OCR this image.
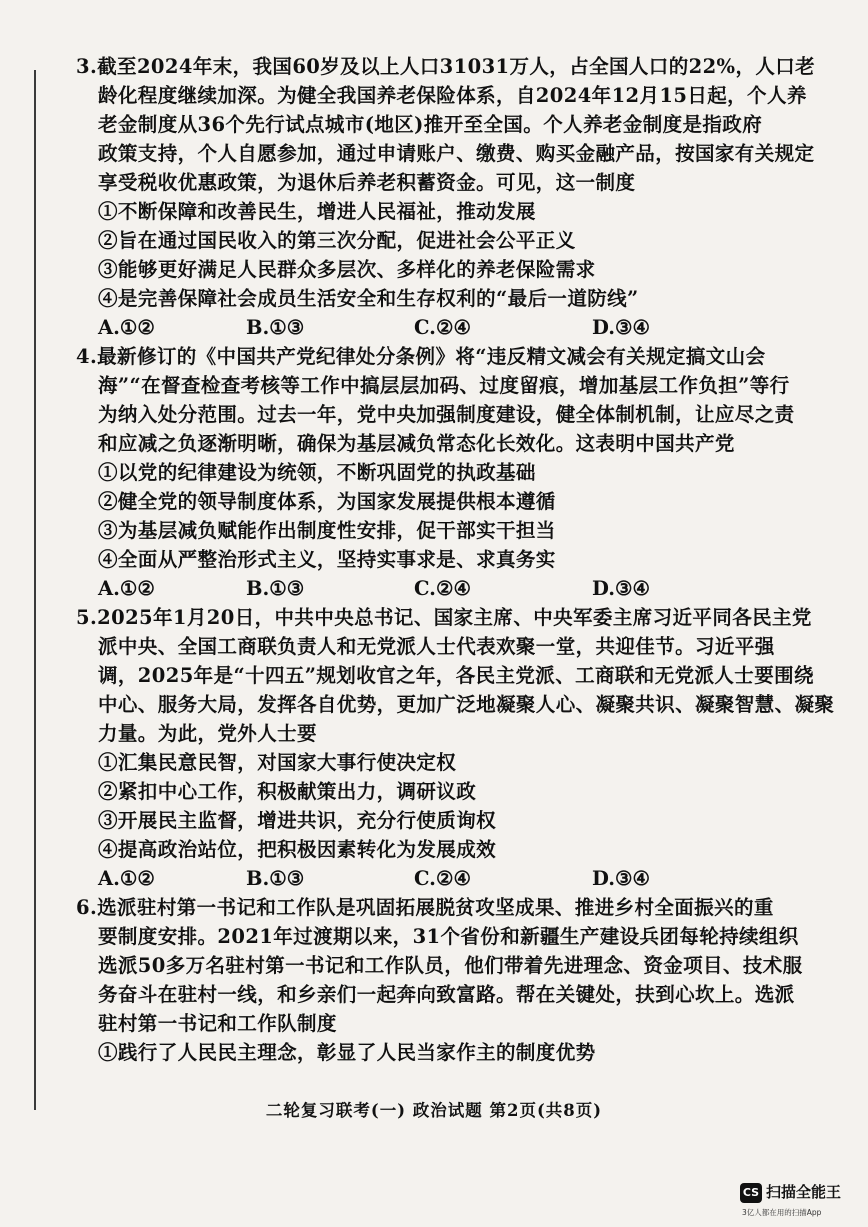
3.截至2024年末，我国60岁及以上人口31031万人，占全国人口的22%，人口老
龄化程度继续加深。为健全我国养老保险体系，自2024年12月15日起，个人养
老金制度从36个先行试点城市(地区)推开至全国。个人养老金制度是指政府
政策支持，个人自愿参加，通过申请账户、缴费、购买金融产品，按国家有关规定
享受税收优惠政策，为退休后养老积蓄资金。可见，这一制度
①不断保障和改善民生，增进人民福祉，推动发展
②旨在通过国民收入的第三次分配，促进社会公平正义
③能够更好满足人民群众多层次、多样化的养老保险需求
④是完善保障社会成员生活安全和生存权利的“最后一道防线”
A.①②	B.①③	C.②④	D.③④
4.最新修订的《中国共产党纪律处分条例》将“违反精文减会有关规定搞文山会
海”“在督查检查考核等工作中搞层层加码、过度留痕，增加基层工作负担”等行
为纳入处分范围。过去一年，党中央加强制度建设，健全体制机制，让应尽之责
和应减之负逐渐明晰，确保为基层减负常态化长效化。这表明中国共产党
①以党的纪律建设为统领，不断巩固党的执政基础
②健全党的领导制度体系，为国家发展提供根本遵循
③为基层减负赋能作出制度性安排，促干部实干担当
④全面从严整治形式主义，坚持实事求是、求真务实
A.①②	B.①③	C.②④	D.③④
5.2025年1月20日，中共中央总书记、国家主席、中央军委主席习近平同各民主党
派中央、全国工商联负责人和无党派人士代表欢聚一堂，共迎佳节。习近平强
调，2025年是“十四五”规划收官之年，各民主党派、工商联和无党派人士要围绕
中心、服务大局，发挥各自优势，更加广泛地凝聚人心、凝聚共识、凝聚智慧、凝聚
力量。为此，党外人士要
①汇集民意民智，对国家大事行使决定权
②紧扣中心工作，积极献策出力，调研议政
③开展民主监督，增进共识，充分行使质询权
④提高政治站位，把积极因素转化为发展成效
A.①②	B.①③	C.②④	D.③④
6.选派驻村第一书记和工作队是巩固拓展脱贫攻坚成果、推进乡村全面振兴的重
要制度安排。2021年过渡期以来，31个省份和新疆生产建设兵团每轮持续组织
选派50多万名驻村第一书记和工作队员，他们带着先进理念、资金项目、技术服
务奋斗在驻村一线，和乡亲们一起奔向致富路。帮在关键处，扶到心坎上。选派
驻村第一书记和工作队制度
①践行了人民民主理念，彰显了人民当家作主的制度优势
二轮复习联考(一) 政治试题 第2页(共8页)
CS 扫描全能王
3亿人都在用的扫描App
